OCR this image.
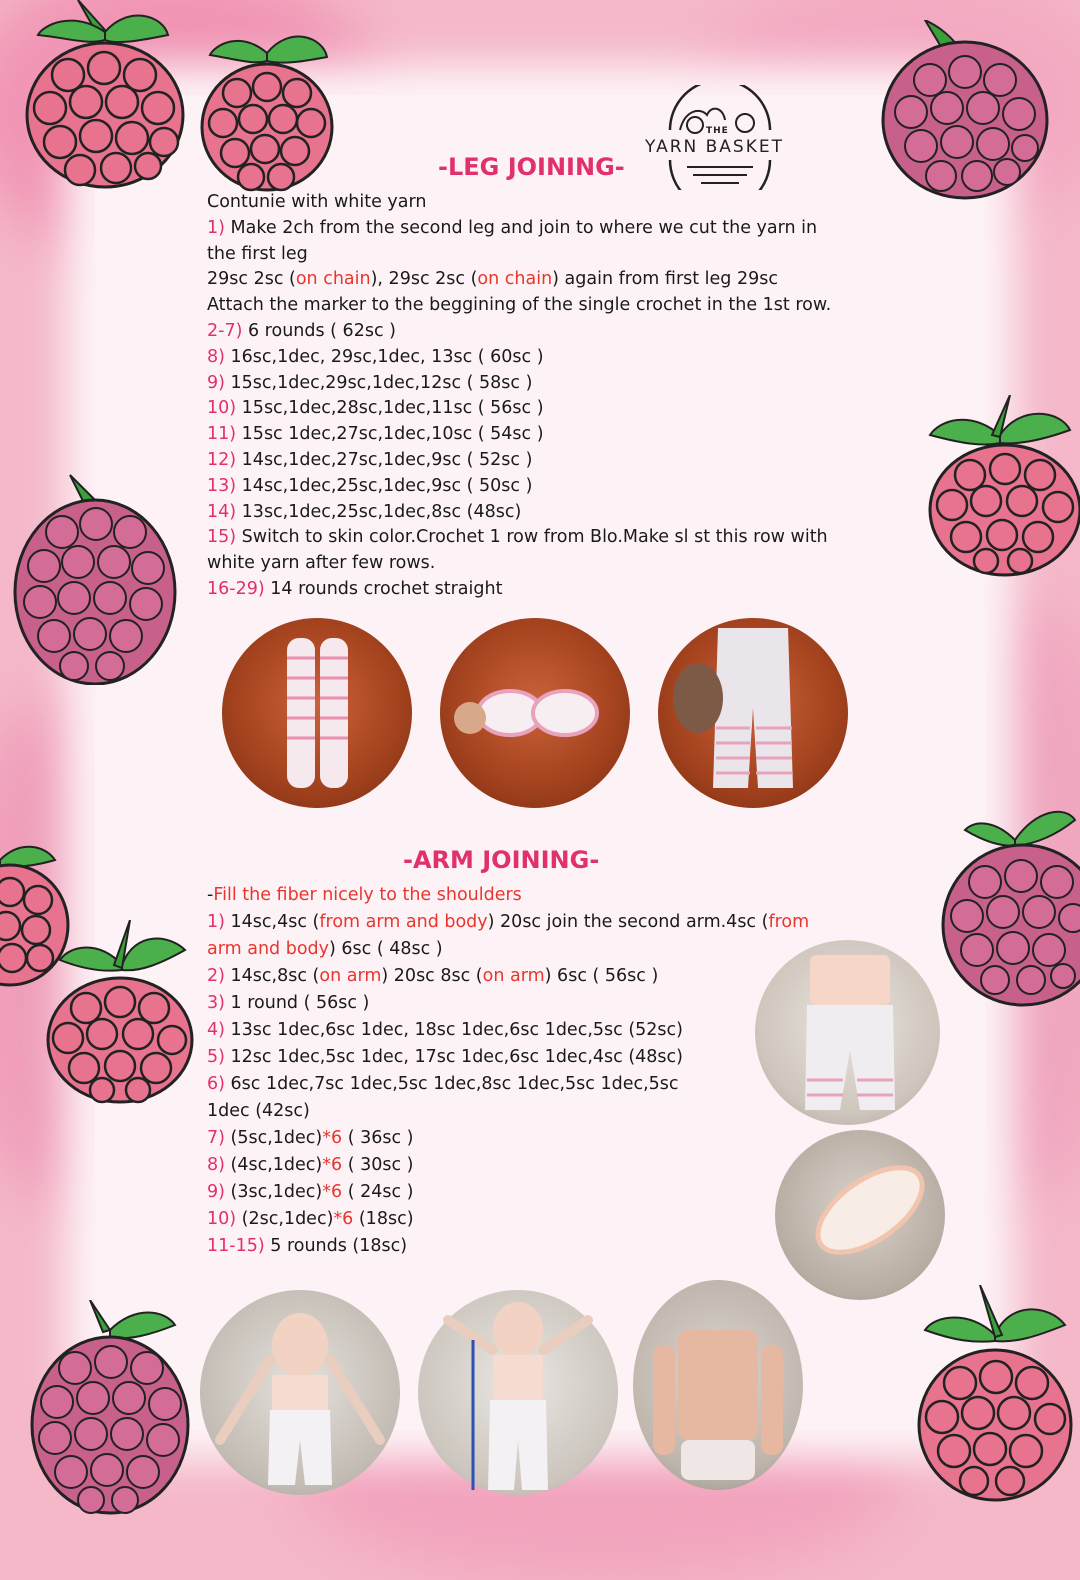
THE
YARN BASKET
-LEG JOINING-
Contunie with white yarn
1) Make 2ch from the second leg and join to where we cut the yarn in
the first leg
29sc 2sc (on chain), 29sc 2sc (on chain) again from first leg 29sc
Attach the marker to the beggining of the single crochet in the 1st row.
2-7) 6 rounds ( 62sc )
8) 16sc,1dec, 29sc,1dec, 13sc ( 60sc )
9) 15sc,1dec,29sc,1dec,12sc ( 58sc )
10) 15sc,1dec,28sc,1dec,11sc ( 56sc )
11) 15sc 1dec,27sc,1dec,10sc ( 54sc )
12) 14sc,1dec,27sc,1dec,9sc ( 52sc )
13) 14sc,1dec,25sc,1dec,9sc ( 50sc )
14) 13sc,1dec,25sc,1dec,8sc (48sc)
15) Switch to skin color.Crochet 1 row from Blo.Make sl st this row with
white yarn after few rows.
16-29) 14 rounds crochet straight
-ARM JOINING-
-Fill the fiber nicely to the shoulders
1) 14sc,4sc (from arm and body) 20sc join the second arm.4sc (from
arm and body) 6sc ( 48sc )
2) 14sc,8sc (on arm) 20sc 8sc (on arm) 6sc ( 56sc )
3) 1 round ( 56sc )
4) 13sc 1dec,6sc 1dec, 18sc 1dec,6sc 1dec,5sc (52sc)
5) 12sc 1dec,5sc 1dec, 17sc 1dec,6sc 1dec,4sc (48sc)
6) 6sc 1dec,7sc 1dec,5sc 1dec,8sc 1dec,5sc 1dec,5sc
1dec (42sc)
7) (5sc,1dec)*6 ( 36sc )
8) (4sc,1dec)*6 ( 30sc )
9) (3sc,1dec)*6 ( 24sc )
10) (2sc,1dec)*6 (18sc)
11-15) 5 rounds (18sc)
